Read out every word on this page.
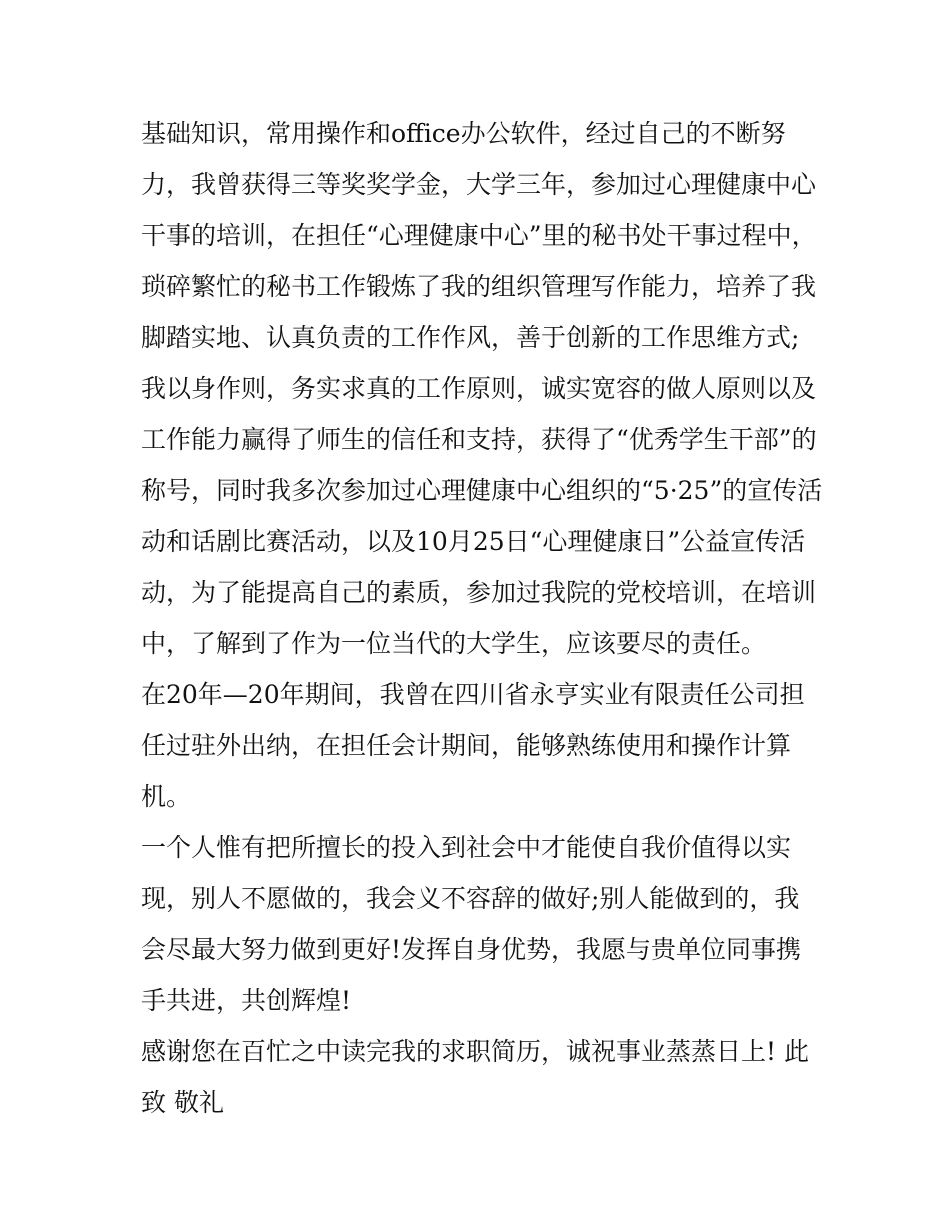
基础知识，常用操作和office办公软件，经过自己的不断努
力，我曾获得三等奖奖学金，大学三年，参加过心理健康中心
干事的培训，在担任“心理健康中心”里的秘书处干事过程中，
琐碎繁忙的秘书工作锻炼了我的组织管理写作能力，培养了我
脚踏实地、认真负责的工作作风，善于创新的工作思维方式;
我以身作则，务实求真的工作原则，诚实宽容的做人原则以及
工作能力赢得了师生的信任和支持，获得了“优秀学生干部”的
称号，同时我多次参加过心理健康中心组织的“5·25”的宣传活
动和话剧比赛活动，以及10月25日“心理健康日”公益宣传活
动，为了能提高自己的素质，参加过我院的党校培训，在培训
中，了解到了作为一位当代的大学生，应该要尽的责任。
在20年—20年期间，我曾在四川省永亨实业有限责任公司担
任过驻外出纳，在担任会计期间，能够熟练使用和操作计算
机。
一个人惟有把所擅长的投入到社会中才能使自我价值得以实
现，别人不愿做的，我会义不容辞的做好;别人能做到的，我
会尽最大努力做到更好!发挥自身优势，我愿与贵单位同事携
手共进，共创辉煌!
感谢您在百忙之中读完我的求职简历，诚祝事业蒸蒸日上! 此
致 敬礼
